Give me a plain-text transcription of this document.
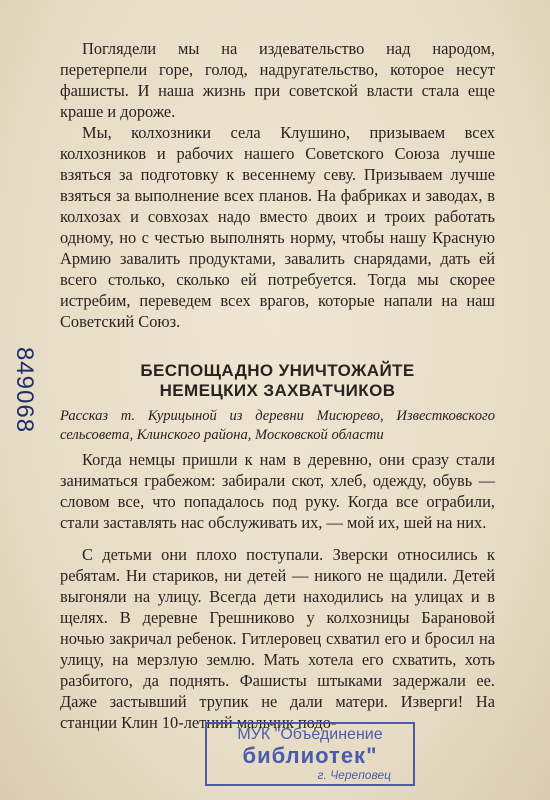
Поглядели мы на издевательство над народом, перетерпели горе, голод, надругательство, которое несут фашисты. И наша жизнь при советской власти стала еще краше и дороже.

Мы, колхозники села Клушино, призываем всех колхозников и рабочих нашего Советского Союза лучше взяться за подготовку к весеннему севу. Призываем лучше взяться за выполнение всех планов. На фабриках и заводах, в колхозах и совхозах надо вместо двоих и троих работать одному, но с честью выполнять норму, чтобы нашу Красную Армию завалить продуктами, завалить снарядами, дать ей всего столько, сколько ей потребуется. Тогда мы скорее истребим, переведем всех врагов, которые напали на наш Советский Союз.

849068	БЕСПОЩАДНО УНИЧТОЖАЙТЕ

НЕМЕЦКИХ ЗАХВАТЧИКОВ

Рассказ т. Курицыной из деревни Мисюрево, Известковского сельсовета, Клинского района, Московской области

Когда немцы пришли к нам в деревню, они сразу стали заниматься грабежом: забирали скот, хлеб, одежду, обувь — словом все, что попадалось под руку. Когда все ограбили, стали заставлять нас обслуживать их, — мой их, шей на них.

С детьми они плохо поступали. Зверски относились к ребятам. Ни стариков, ни детей — никого не щадили. Детей выгоняли на улицу. Всегда дети находились на улицах и в щелях. В деревне Грешниково у колхозницы Барановой ночью закричал ребенок. Гитлеровец схватил его и бросил на улицу, на мерзлую землю. Мать хотела его схватить, хоть разбитого, да поднять. Фашисты штыками задержали ее. Даже застывший трупик не дали матери. Изверги! На станции Клин 10-летний мальчик подо-

МУК "Объединение
библиотек"
г. Череповец
